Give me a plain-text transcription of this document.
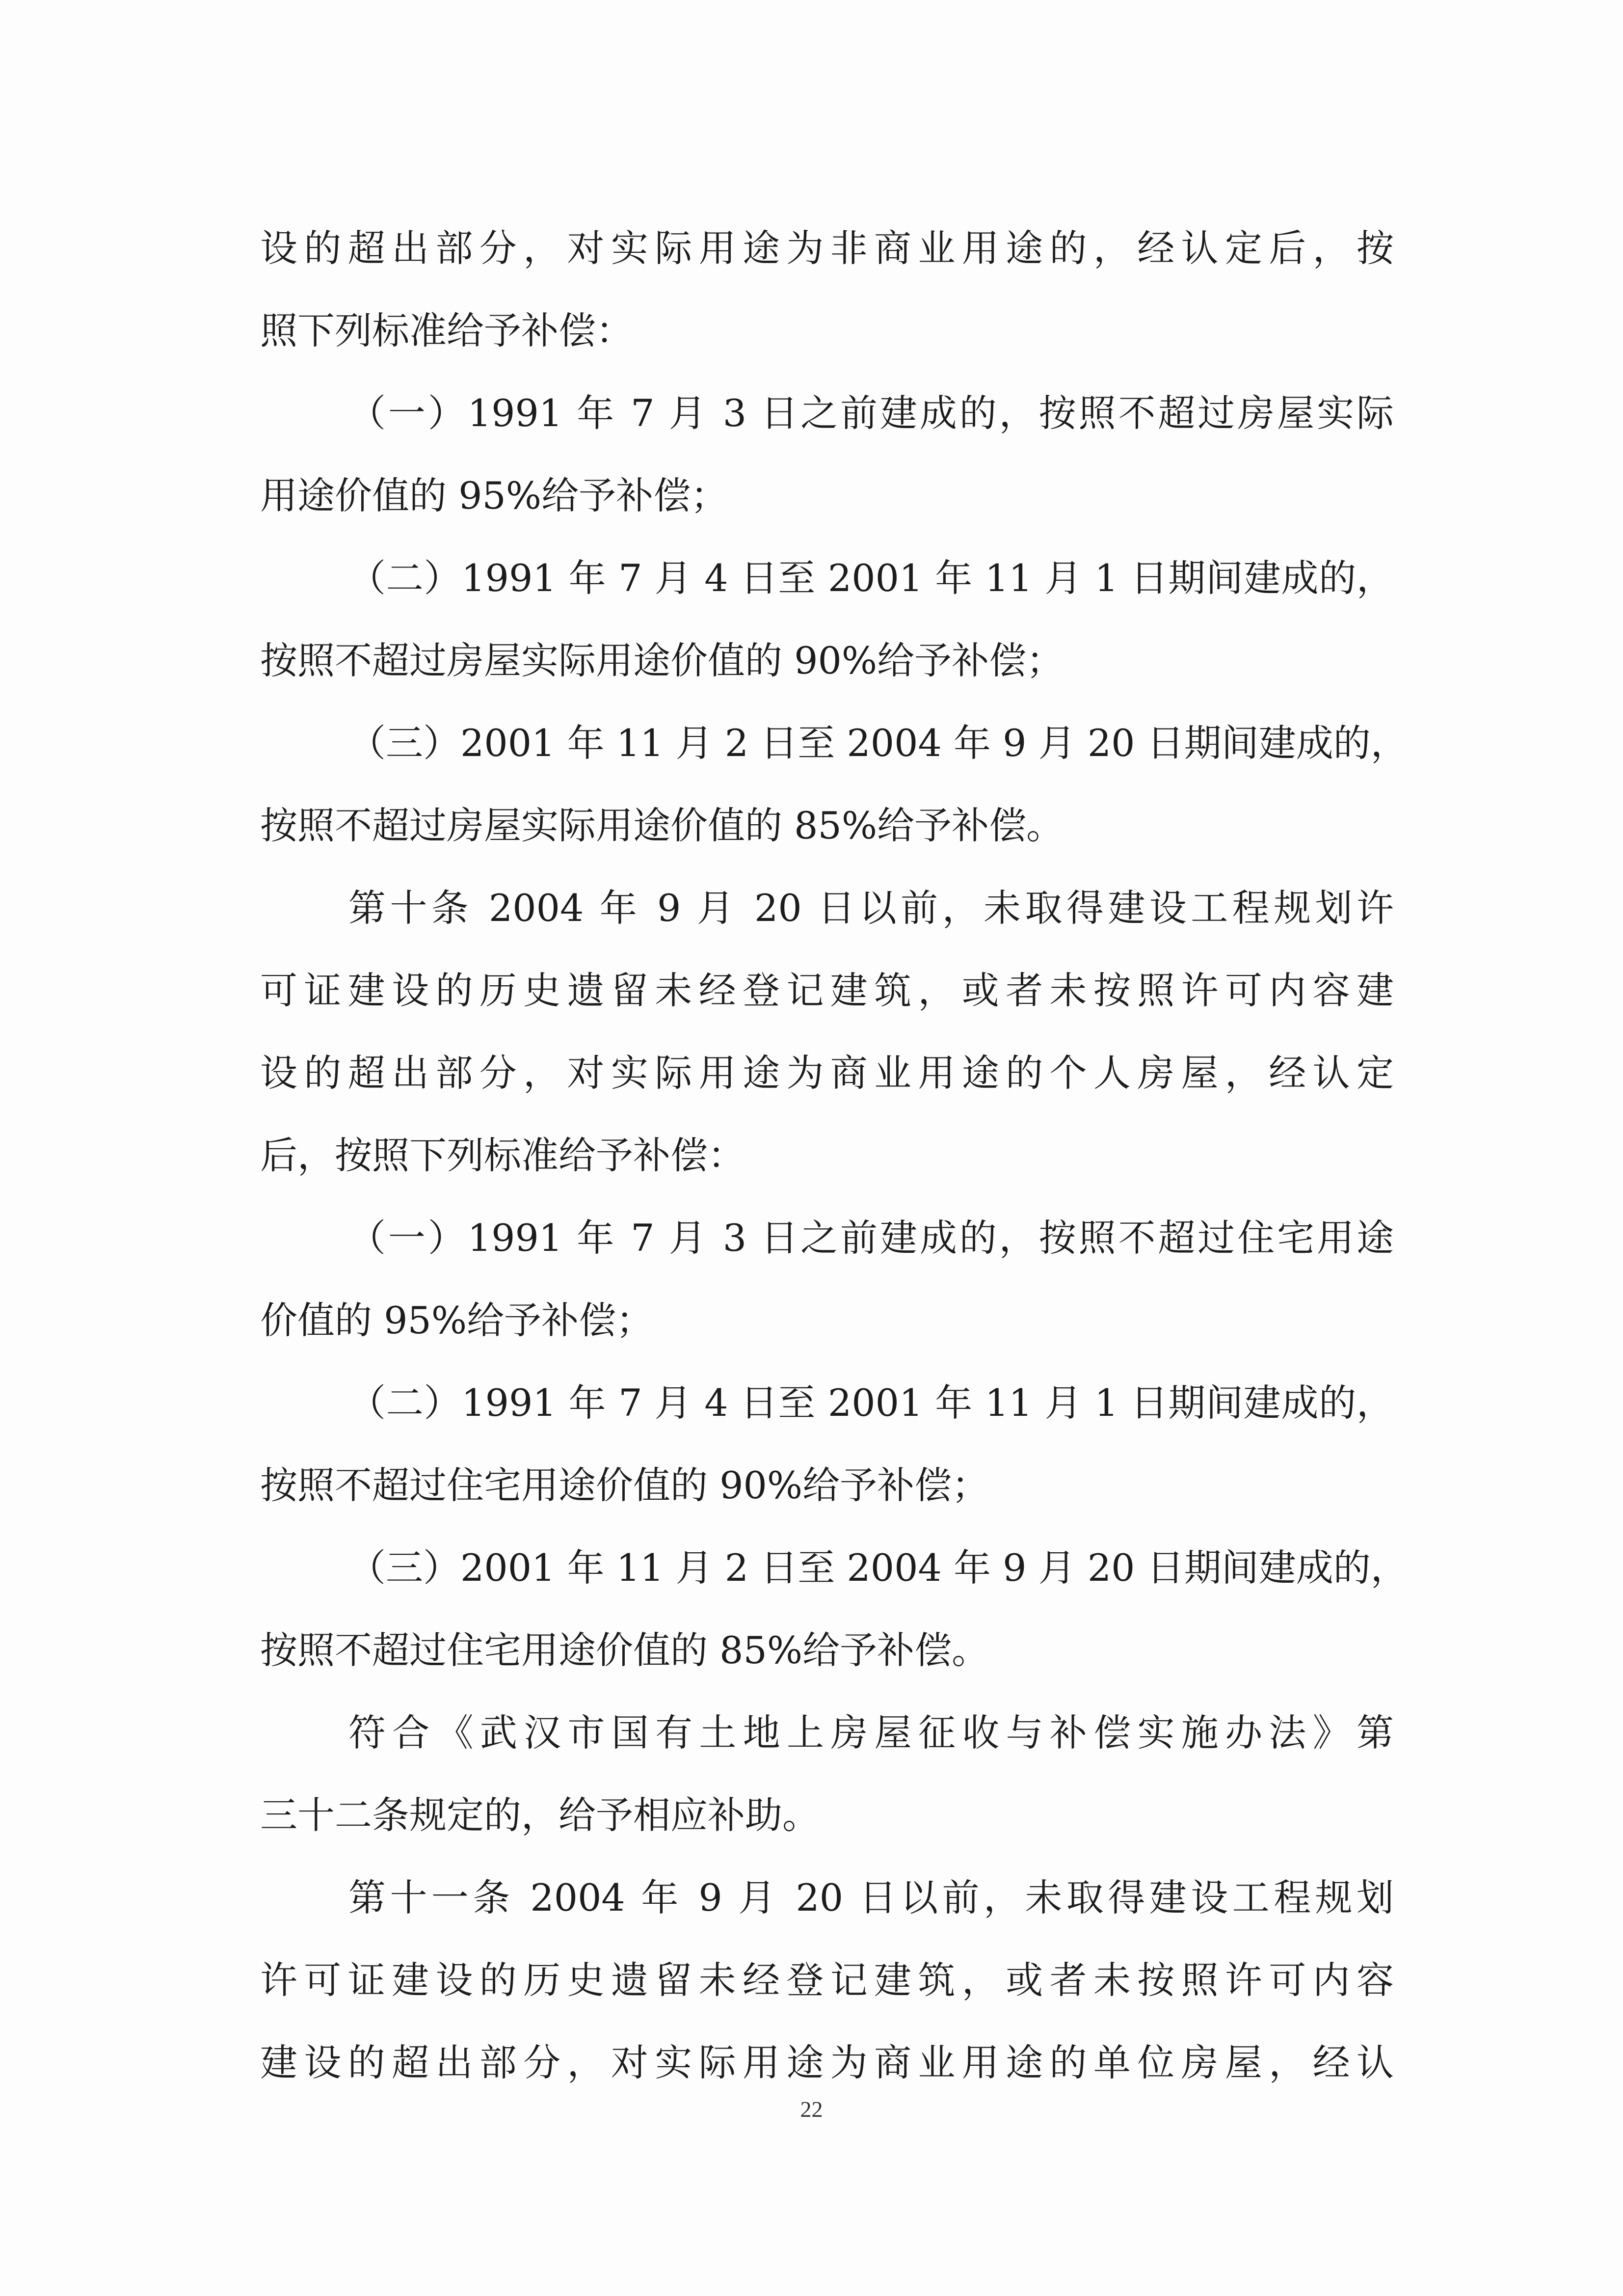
设的超出部分，对实际用途为非商业用途的，经认定后，按
照下列标准给予补偿：
（一）1991 年 7 月 3 日之前建成的，按照不超过房屋实际
用途价值的 95%给予补偿；
（二）1991 年 7 月 4 日至 2001 年 11 月 1 日期间建成的，
按照不超过房屋实际用途价值的 90%给予补偿；
（三）2001 年 11 月 2 日至 2004 年 9 月 20 日期间建成的，
按照不超过房屋实际用途价值的 85%给予补偿。
第十条 2004 年 9 月 20 日以前，未取得建设工程规划许
可证建设的历史遗留未经登记建筑，或者未按照许可内容建
设的超出部分，对实际用途为商业用途的个人房屋，经认定
后，按照下列标准给予补偿：
（一）1991 年 7 月 3 日之前建成的，按照不超过住宅用途
价值的 95%给予补偿；
（二）1991 年 7 月 4 日至 2001 年 11 月 1 日期间建成的，
按照不超过住宅用途价值的 90%给予补偿；
（三）2001 年 11 月 2 日至 2004 年 9 月 20 日期间建成的，
按照不超过住宅用途价值的 85%给予补偿。
符合《武汉市国有土地上房屋征收与补偿实施办法》第
三十二条规定的，给予相应补助。
第十一条 2004 年 9 月 20 日以前，未取得建设工程规划
许可证建设的历史遗留未经登记建筑，或者未按照许可内容
建设的超出部分，对实际用途为商业用途的单位房屋，经认
22
